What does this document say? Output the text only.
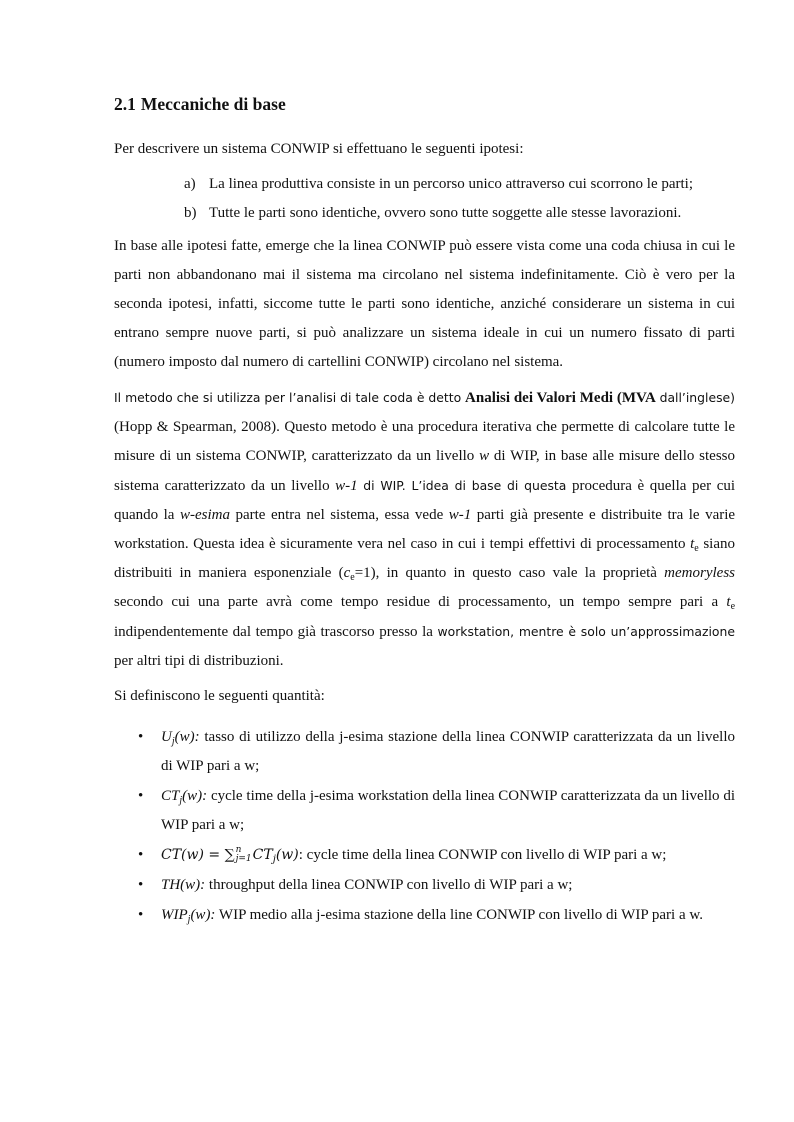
2.1 Meccaniche di base

Per descrivere un sistema CONWIP si effettuano le seguenti ipotesi:

a) La linea produttiva consiste in un percorso unico attraverso cui scorrono le parti;
b) Tutte le parti sono identiche, ovvero sono tutte soggette alle stesse lavorazioni.

In base alle ipotesi fatte, emerge che la linea CONWIP può essere vista come una coda chiusa in cui le parti non abbandonano mai il sistema ma circolano nel sistema indefinitamente. Ciò è vero per la seconda ipotesi, infatti, siccome tutte le parti sono identiche, anziché considerare un sistema in cui entrano sempre nuove parti, si può analizzare un sistema ideale in cui un numero fissato di parti (numero imposto dal numero di cartellini CONWIP) circolano nel sistema.

Il metodo che si utilizza per l’analisi di tale coda è detto Analisi dei Valori Medi (MVA dall’inglese) (Hopp & Spearman, 2008). Questo metodo è una procedura iterativa che permette di calcolare tutte le misure di un sistema CONWIP, caratterizzato da un livello w di WIP, in base alle misure dello stesso sistema caratterizzato da un livello w-1 di WIP. L’idea di base di questa procedura è quella per cui quando la w-esima parte entra nel sistema, essa vede w-1 parti già presente e distribuite tra le varie workstation. Questa idea è sicuramente vera nel caso in cui i tempi effettivi di processamento $t_e$ siano distribuiti in maniera esponenziale $(c_e=1)$, in quanto in questo caso vale la proprietà memoryless secondo cui una parte avrà come tempo residue di processamento, un tempo sempre pari a $t_e$ indipendentemente dal tempo già trascorso presso la workstation, mentre è solo un’approssimazione per altri tipi di distribuzioni.

Si definiscono le seguenti quantità:

• $U_j(w)$: tasso di utilizzo della j-esima stazione della linea CONWIP caratterizzata da un livello di WIP pari a w;
• $CT_j(w)$: cycle time della j-esima workstation della linea CONWIP caratterizzata da un livello di WIP pari a w;
• CT(w) = ∑ n
j=1 $CT_j(w)$: cycle time della linea CONWIP con livello di WIP pari a w;
• TH(w): throughput della linea CONWIP con livello di WIP pari a w;
• $WIP_j(w)$: WIP medio alla j-esima stazione della line CONWIP con livello di WIP pari a w.
